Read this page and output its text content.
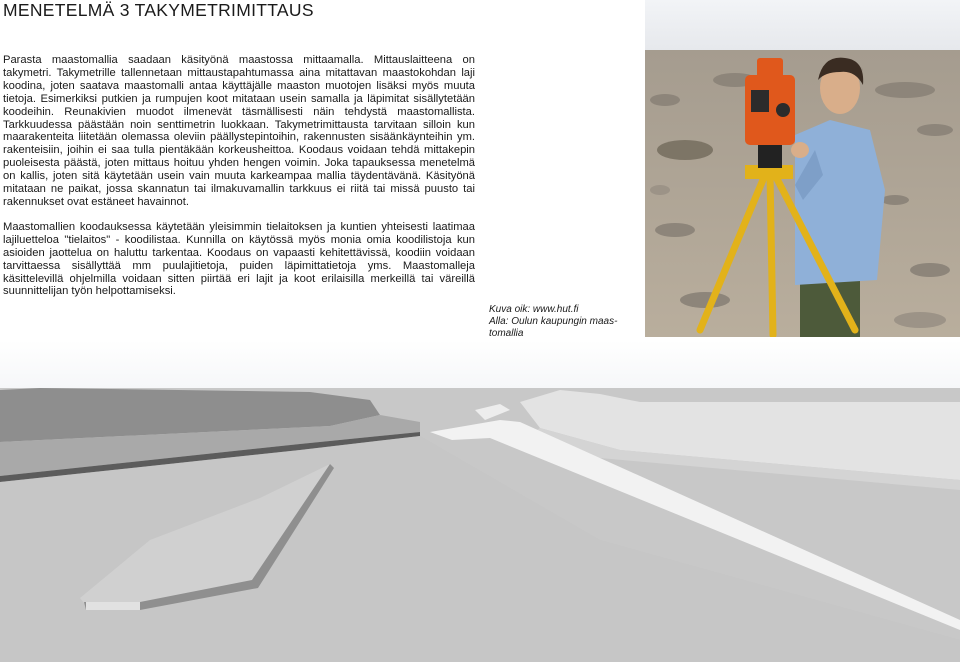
MENETELMÄ 3 TAKYMETRIMITTAUS

Parasta maastomallia saadaan käsityönä maastossa mittaamalla. Mittauslaitteena on takymetri. Takymetrille tallennetaan mittaustapahtumassa aina mitattavan maastokohdan laji koodina, joten saatava maastomalli antaa käyttäjälle maaston muotojen lisäksi myös muuta tietoja. Esimerkiksi putkien ja rumpujen koot mitataan usein samalla ja läpimitat sisällytetään koodeihin. Reunakivien muodot ilmenevät täsmällisesti näin tehdystä maastomallista. Tarkkuudessa päästään noin senttimetrin luokkaan. Takymetrimittausta tarvitaan silloin kun maarakenteita liitetään olemassa oleviin päällystepintoihin, rakennusten sisäänkäynteihin ym. rakenteisiin, joihin ei saa tulla pientäkään korkeusheittoa. Koodaus voidaan tehdä mittakepin puoleisesta päästä, joten mittaus hoituu yhden hengen voimin. Joka tapauksessa menetelmä on kallis, joten sitä käytetään usein vain muuta karkeampaa mallia täydentävänä. Käsityönä mitataan ne paikat, jossa skannatun tai ilmakuvamallin tarkkuus ei riitä tai missä puusto tai rakennukset ovat estäneet havainnot.

Maastomallien koodauksessa käytetään yleisimmin tielaitoksen ja kuntien yhteisesti laatimaa lajiluetteloa "tielaitos" - koodilistaa. Kunnilla on käytössä myös monia omia koodilistoja kun asioiden jaottelua on haluttu tarkentaa. Koodaus on vapaasti kehitettävissä, koodiin voidaan tarvittaessa sisällyttää mm puulajitietoja, puiden läpimittatietoja yms. Maastomalleja käsittelevillä ohjelmilla voidaan sitten piirtää eri lajit ja koot erilaisilla merkeillä tai väreillä suunnittelijan työn helpottamiseksi.

Kuva oik: www.hut.fi
Alla: Oulun kaupungin maas-
tomallia
